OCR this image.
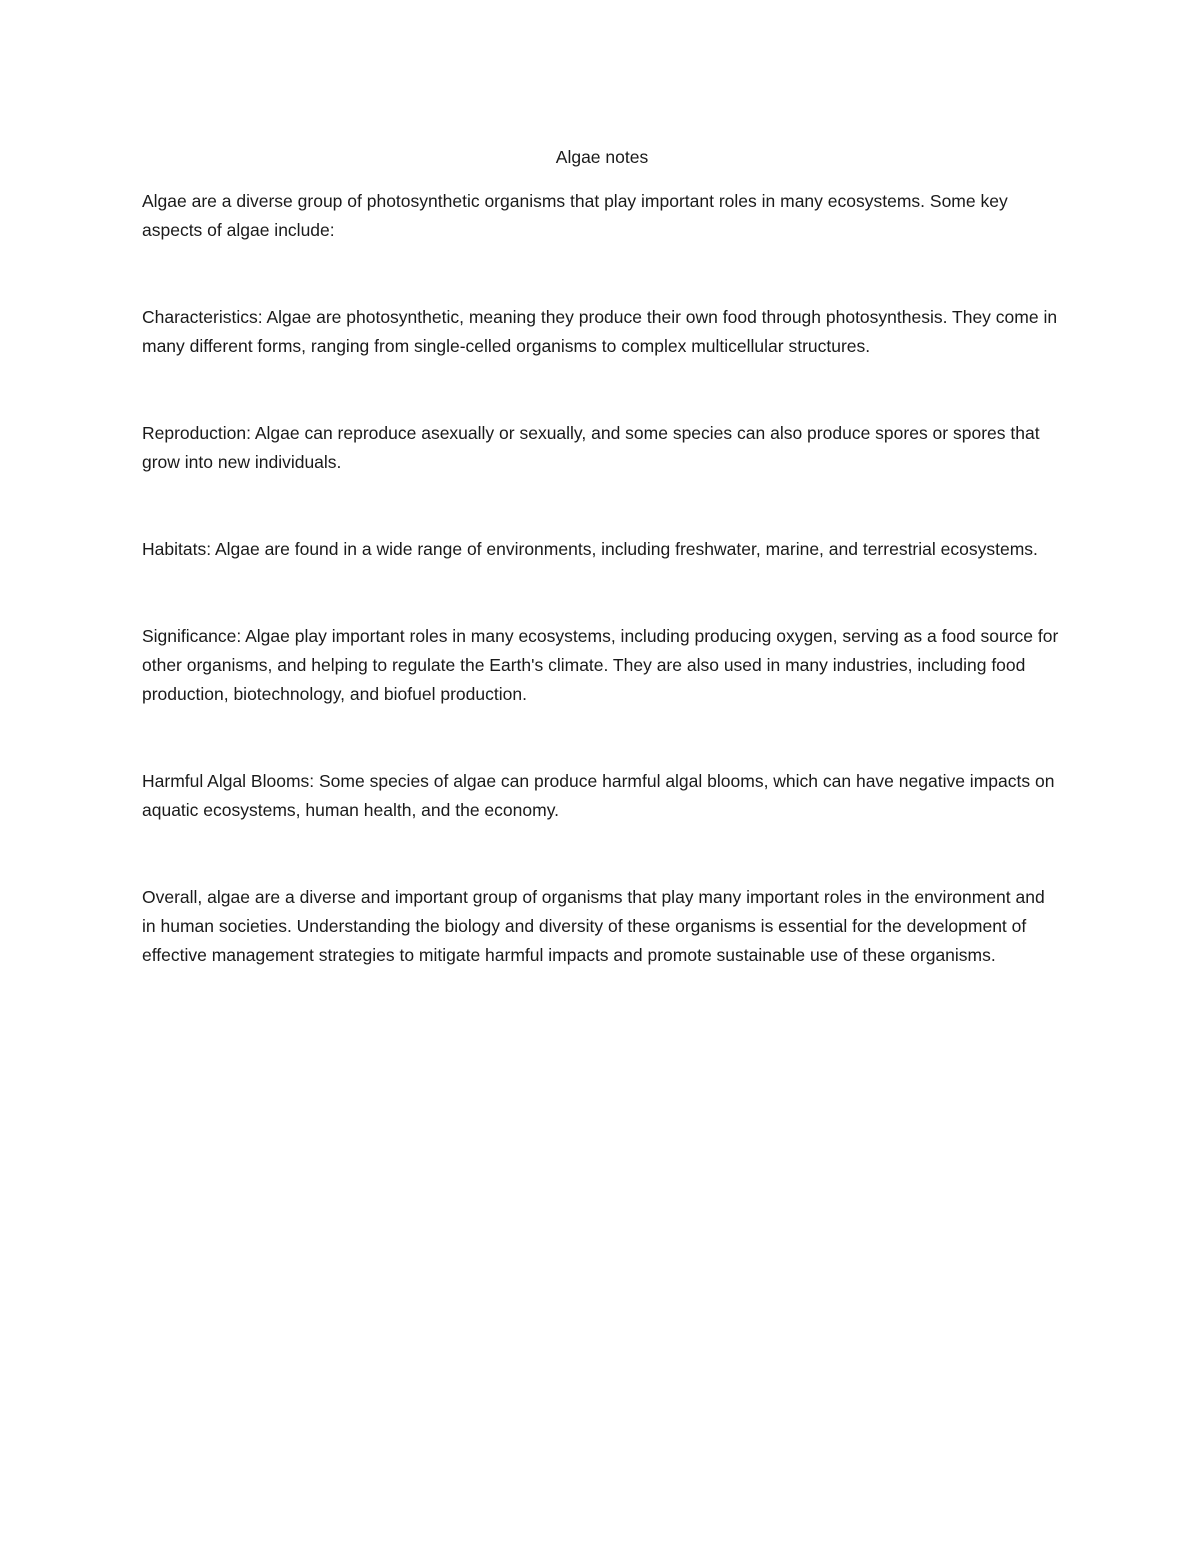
Algae notes

Algae are a diverse group of photosynthetic organisms that play important roles in many ecosystems. Some key aspects of algae include:

Characteristics: Algae are photosynthetic, meaning they produce their own food through photosynthesis. They come in many different forms, ranging from single-celled organisms to complex multicellular structures.

Reproduction: Algae can reproduce asexually or sexually, and some species can also produce spores or spores that grow into new individuals.

Habitats: Algae are found in a wide range of environments, including freshwater, marine, and terrestrial ecosystems.

Significance: Algae play important roles in many ecosystems, including producing oxygen, serving as a food source for other organisms, and helping to regulate the Earth's climate. They are also used in many industries, including food production, biotechnology, and biofuel production.

Harmful Algal Blooms: Some species of algae can produce harmful algal blooms, which can have negative impacts on aquatic ecosystems, human health, and the economy.

Overall, algae are a diverse and important group of organisms that play many important roles in the environment and in human societies. Understanding the biology and diversity of these organisms is essential for the development of effective management strategies to mitigate harmful impacts and promote sustainable use of these organisms.
